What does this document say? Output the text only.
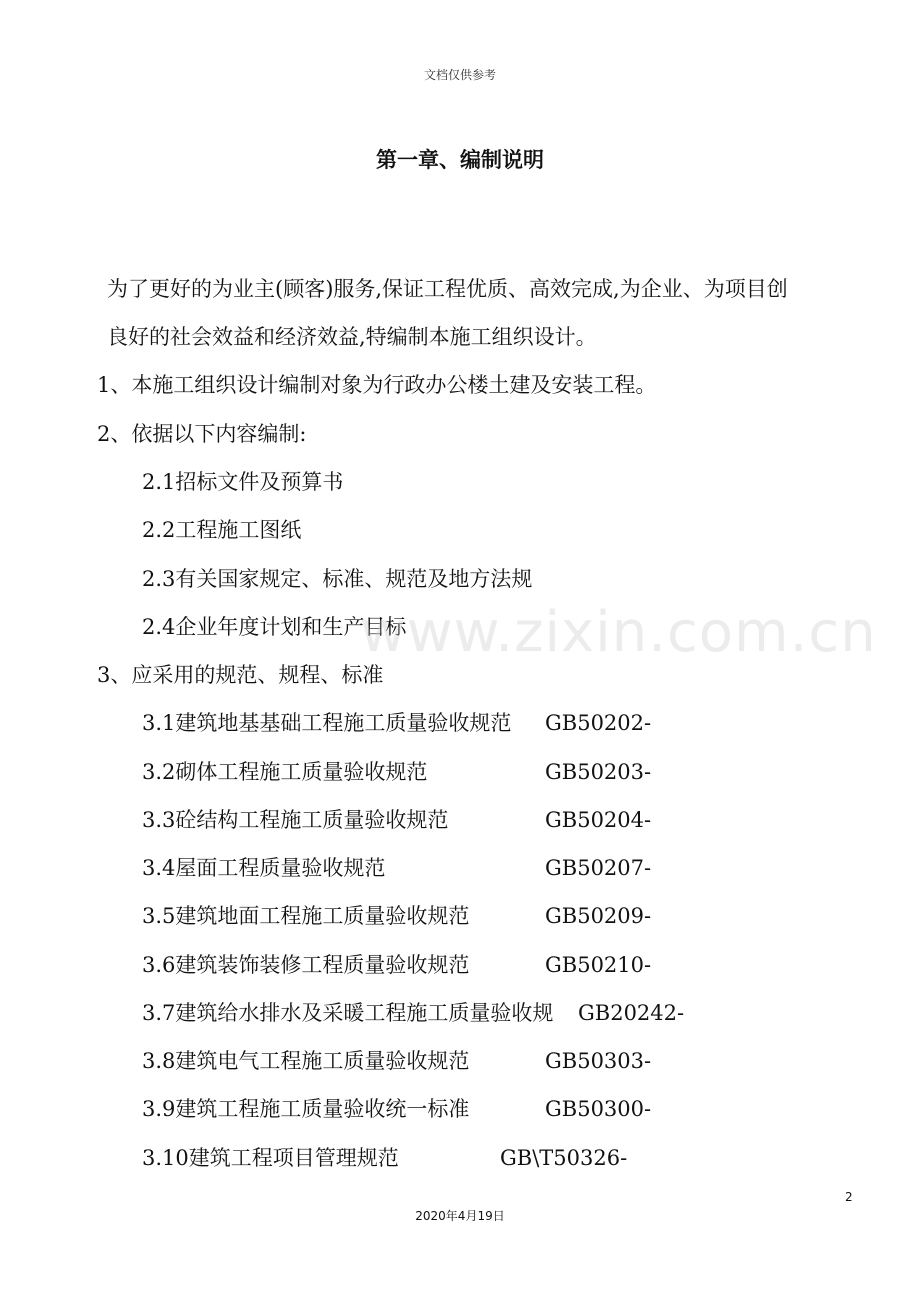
文档仅供参考
第一章、编制说明
为了更好的为业主(顾客)服务,保证工程优质、高效完成,为企业、为项目创
良好的社会效益和经济效益,特编制本施工组织设计。
1、本施工组织设计编制对象为行政办公楼土建及安装工程。
2、依据以下内容编制:
2.1招标文件及预算书
2.2工程施工图纸
2.3有关国家规定、标准、规范及地方法规
2.4企业年度计划和生产目标
3、应采用的规范、规程、标准
3.1建筑地基基础工程施工质量验收规范 GB50202-
3.2砌体工程施工质量验收规范	GB50203-
3.3砼结构工程施工质量验收规范	GB50204-
3.4屋面工程质量验收规范	GB50207-
3.5建筑地面工程施工质量验收规范	GB50209-
3.6建筑装饰装修工程质量验收规范	GB50210-
3.7建筑给水排水及采暖工程施工质量验收规 GB20242-
3.8建筑电气工程施工质量验收规范	GB50303-
3.9建筑工程施工质量验收统一标准	GB50300-
3.10建筑工程项目管理规范	GB\T50326-
www.zixin.com.cn
2
2020年4月19日
